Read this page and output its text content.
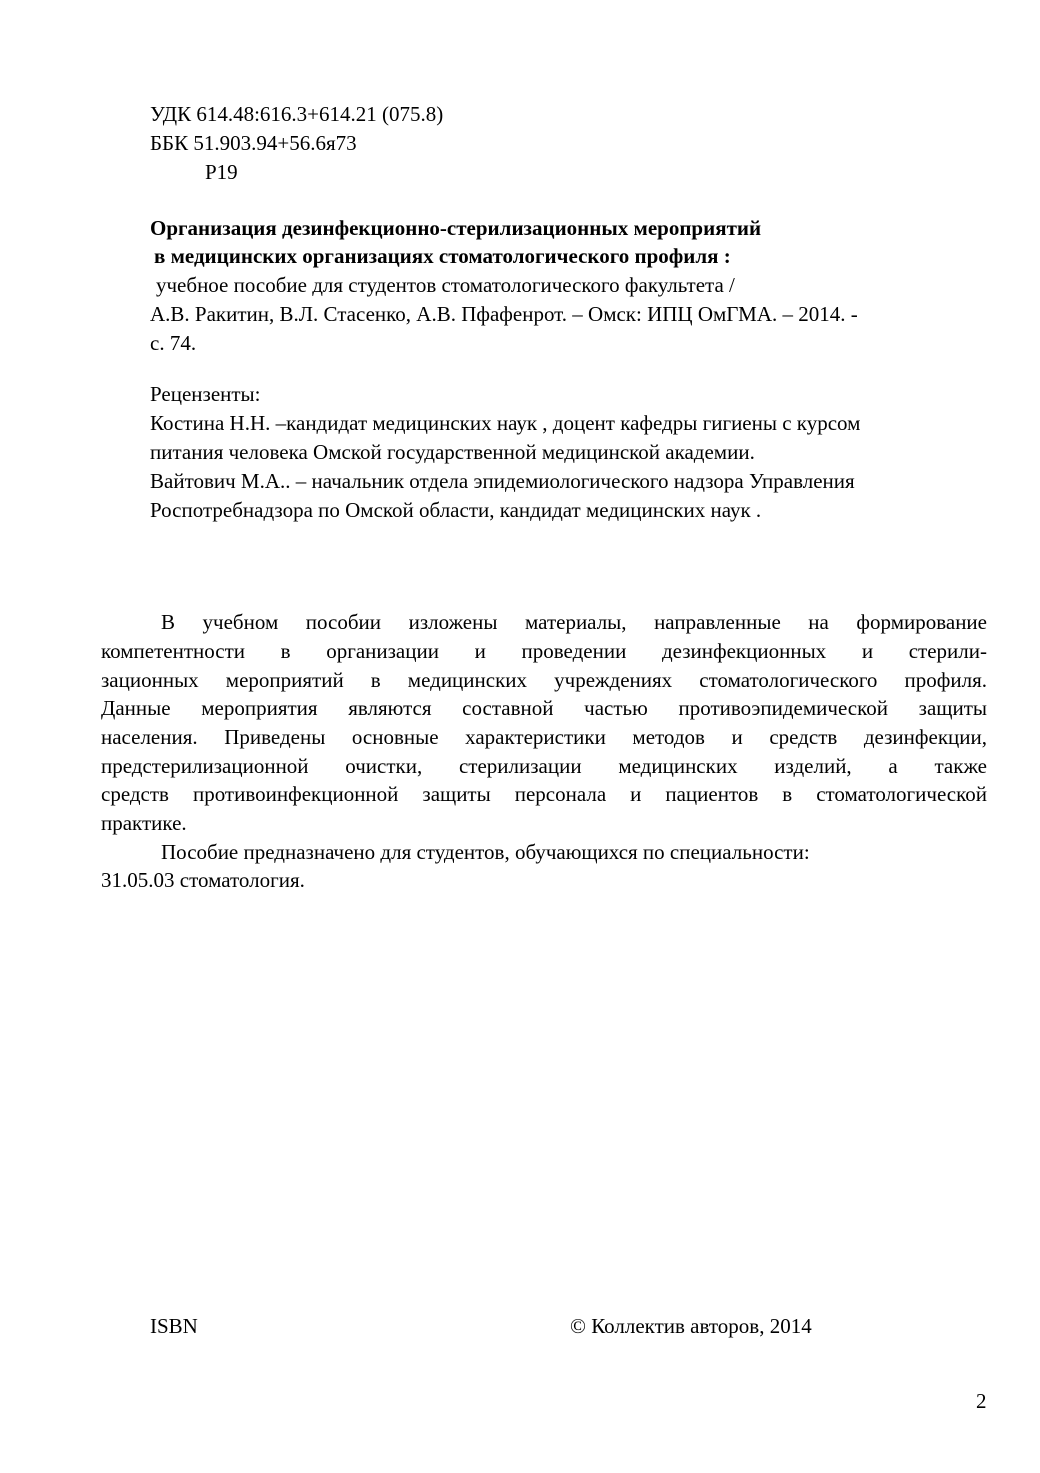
УДК 614.48:616.3+614.21 (075.8)
ББК 51.903.94+56.6я73
Р19
Организация дезинфекционно-стерилизационных мероприятий
в медицинских организациях стоматологического профиля :
учебное пособие для студентов стоматологического факультета /
А.В. Ракитин, В.Л. Стасенко, А.В. Пфафенрот. – Омск: ИПЦ ОмГМА. – 2014. -
с. 74.
Рецензенты:
Костина Н.Н. –кандидат медицинских наук , доцент кафедры гигиены с курсом
питания человека Омской государственной медицинской академии.
Вайтович М.А.. – начальник отдела эпидемиологического надзора Управления
Роспотребнадзора по Омской области, кандидат медицинских наук .
В учебном пособии изложены материалы, направленные на формирование
компетентности в организации и проведении дезинфекционных и стерили-
зационных мероприятий в медицинских учреждениях стоматологического профиля.
Данные мероприятия являются составной частью противоэпидемической защиты
населения. Приведены основные характеристики методов и средств дезинфекции,
предстерилизационной очистки, стерилизации медицинских изделий, а также
средств противоинфекционной защиты персонала и пациентов в стоматологической
практике.
Пособие предназначено для студентов, обучающихся по специальности:
31.05.03 стоматология.
ISBN	© Коллектив авторов, 2014
2
